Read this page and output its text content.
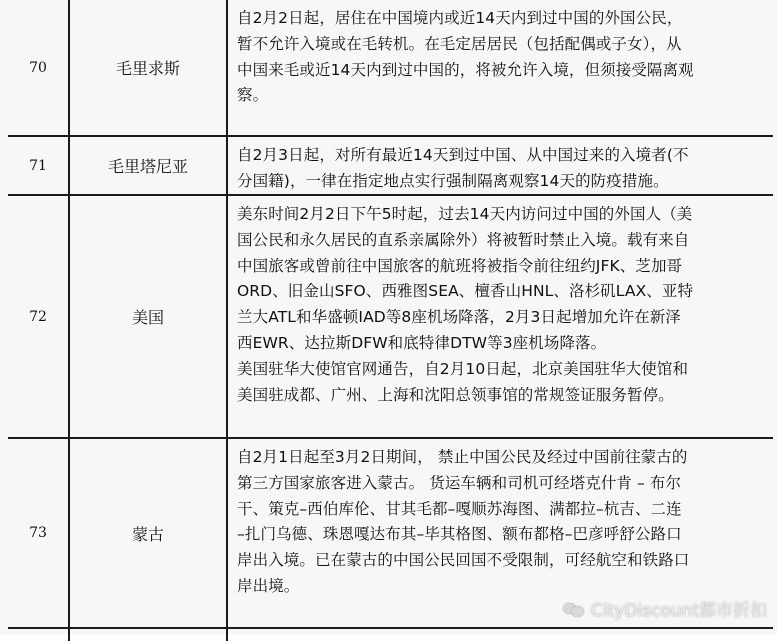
70	毛里求斯

自2月2日起，居住在中国境内或近14天内到过中国的外国公民，

暂不允许入境或在毛转机。在毛定居居民（包括配偶或子女），从

中国来毛或近14天内到过中国的，将被允许入境，但须接受隔离观

察。

71	毛里塔尼亚

自2月3日起，对所有最近14天到过中国、从中国过来的入境者(不

分国籍)，一律在指定地点实行强制隔离观察14天的防疫措施。

72	美国

美东时间2月2日下午5时起，过去14天内访问过中国的外国人（美

国公民和永久居民的直系亲属除外）将被暂时禁止入境。载有来自

中国旅客或曾前往中国旅客的航班将被指令前往纽约JFK、芝加哥

ORD、旧金山SFO、西雅图SEA、檀香山HNL、洛杉矶LAX、亚特

兰大ATL和华盛顿IAD等8座机场降落，2月3日起增加允许在新泽

西EWR、达拉斯DFW和底特律DTW等3座机场降落。

美国驻华大使馆官网通告，自2月10日起，北京美国驻华大使馆和

美国驻成都、广州、上海和沈阳总领事馆的常规签证服务暂停。

73	蒙古

自2月1日起至3月2日期间， 禁止中国公民及经过中国前往蒙古的

第三方国家旅客进入蒙古。 货运车辆和司机可经塔克什肯 – 布尔

干、策克–西伯库伦、甘其毛都–嘎顺苏海图、满都拉–杭吉、二连

–扎门乌德、珠恩嘎达布其–毕其格图、额布都格–巴彦呼舒公路口

岸出入境。已在蒙古的中国公民回国不受限制，可经航空和铁路口

岸出境。

CityDiscount都市折扣
